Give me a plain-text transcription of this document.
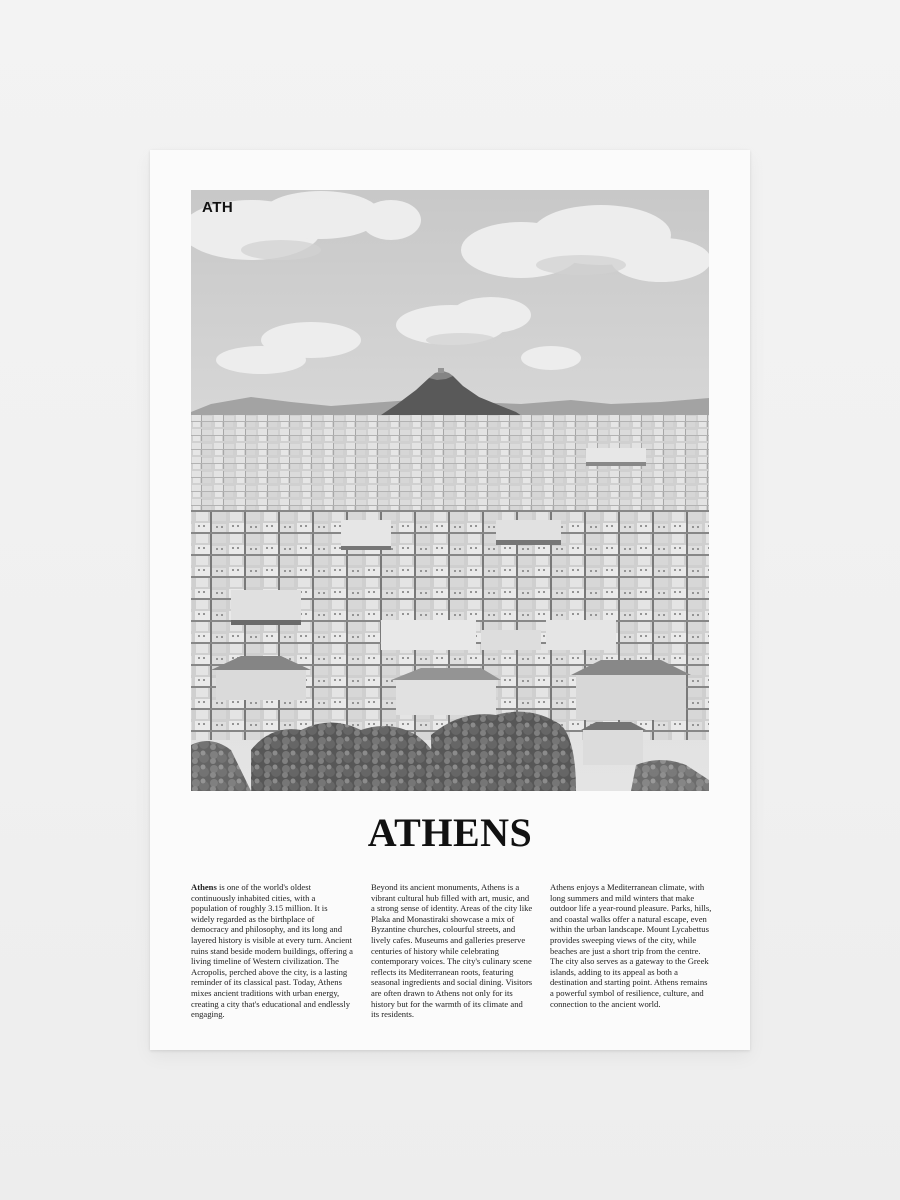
ATH
ATHENS
Athens is one of the world's oldest continuously inhabited cities, with a population of roughly 3.15 million. It is widely regarded as the birthplace of democracy and philosophy, and its long and layered history is visible at every turn. Ancient ruins stand beside modern buildings, offering a living timeline of Western civilization. The Acropolis, perched above the city, is a lasting reminder of its classical past. Today, Athens mixes ancient traditions with urban energy, creating a city that's educational and endlessly engaging.
Beyond its ancient monuments, Athens is a vibrant cultural hub filled with art, music, and a strong sense of identity. Areas of the city like Plaka and Monastiraki showcase a mix of Byzantine churches, colourful streets, and lively cafes. Museums and galleries preserve centuries of history while celebrating contemporary voices. The city's culinary scene reflects its Mediterranean roots, featuring seasonal ingredients and social dining. Visitors are often drawn to Athens not only for its history but for the warmth of its climate and its residents.
Athens enjoys a Mediterranean climate, with long summers and mild winters that make outdoor life a year-round pleasure. Parks, hills, and coastal walks offer a natural escape, even within the urban landscape. Mount Lycabettus provides sweeping views of the city, while beaches are just a short trip from the centre. The city also serves as a gateway to the Greek islands, adding to its appeal as both a destination and starting point. Athens remains a powerful symbol of resilience, culture, and connection to the ancient world.
